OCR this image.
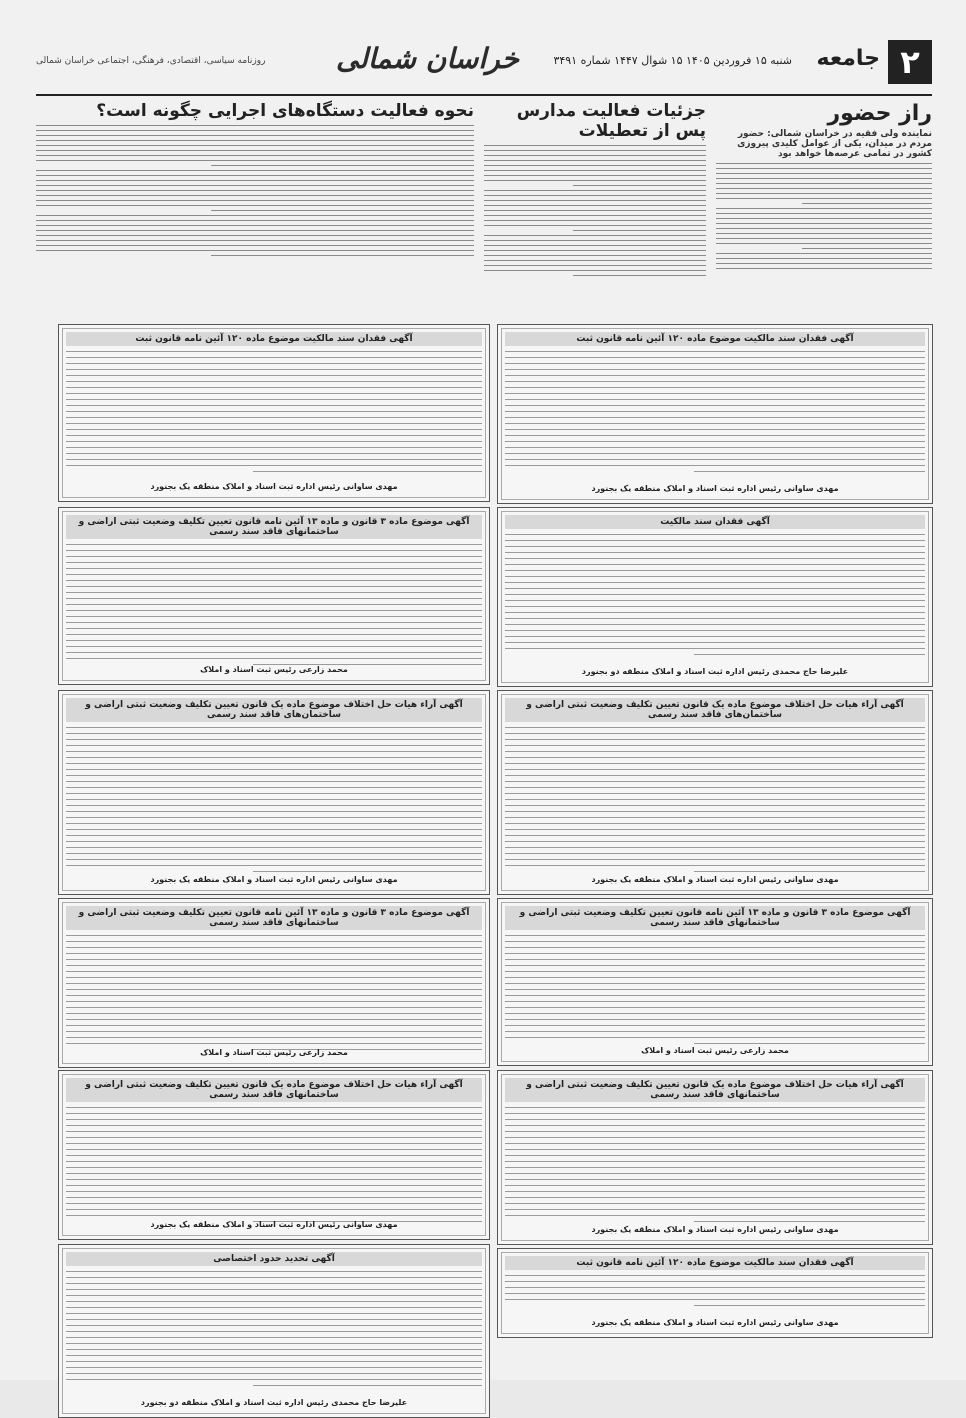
۲
جامعه
شنبه ۱۵ فروردین ۱۴۰۵ ۱۵ شوال ۱۴۴۷ شماره ۳۴۹۱
خراسان شمالی
روزنامه سیاسی، اقتصادی، فرهنگی، اجتماعی خراسان شمالی
راز حضور
نماینده ولی فقیه در خراسان شمالی: حضور مردم در میدان، یکی از عوامل کلیدی پیروزی کشور در تمامی عرصه‌ها خواهد بود
جزئیات فعالیت مدارس پس از تعطیلات
نحوه فعالیت دستگاه‌های اجرایی چگونه است؟
آگهی فقدان سند مالکیت موضوع ماده ۱۲۰ آئین نامه قانون ثبت
مهدی ساوانی رئیس اداره ثبت اسناد و املاک منطقه یک بجنورد
آگهی فقدان سند مالکیت موضوع ماده ۱۲۰ آئین نامه قانون ثبت
مهدی ساوانی رئیس اداره ثبت اسناد و املاک منطقه یک بجنورد
آگهی فقدان سند مالکیت
علیرضا حاج محمدی رئیس اداره ثبت اسناد و املاک منطقه دو بجنورد
آگهی موضوع ماده ۳ قانون و ماده ۱۳ آئین نامه قانون تعیین تکلیف وضعیت ثبتی اراضی و ساختمانهای فاقد سند رسمی
محمد زارعی رئیس ثبت اسناد و املاک
آگهی آراء هیات حل اختلاف موضوع ماده یک قانون تعیین تکلیف وضعیت ثبتی اراضی و ساختمان‌های فاقد سند رسمی
مهدی ساوانی رئیس اداره ثبت اسناد و املاک منطقه یک بجنورد
آگهی آراء هیات حل اختلاف موضوع ماده یک قانون تعیین تکلیف وضعیت ثبتی اراضی و ساختمان‌های فاقد سند رسمی
مهدی ساوانی رئیس اداره ثبت اسناد و املاک منطقه یک بجنورد
آگهی موضوع ماده ۳ قانون و ماده ۱۳ آئین نامه قانون تعیین تکلیف وضعیت ثبتی اراضی و ساختمانهای فاقد سند رسمی
محمد زارعی رئیس ثبت اسناد و املاک
آگهی موضوع ماده ۳ قانون و ماده ۱۳ آئین نامه قانون تعیین تکلیف وضعیت ثبتی اراضی و ساختمانهای فاقد سند رسمی
محمد زارعی رئیس ثبت اسناد و املاک
آگهی آراء هیات حل اختلاف موضوع ماده یک قانون تعیین تکلیف وضعیت ثبتی اراضی و ساختمانهای فاقد سند رسمی
مهدی ساوانی رئیس اداره ثبت اسناد و املاک منطقه یک بجنورد
آگهی آراء هیات حل اختلاف موضوع ماده یک قانون تعیین تکلیف وضعیت ثبتی اراضی و ساختمانهای فاقد سند رسمی
مهدی ساوانی رئیس اداره ثبت اسناد و املاک منطقه یک بجنورد
آگهی فقدان سند مالکیت موضوع ماده ۱۲۰ آئین نامه قانون ثبت
مهدی ساوانی رئیس اداره ثبت اسناد و املاک منطقه یک بجنورد
آگهی تحدید حدود اختصاصی
علیرضا حاج محمدی رئیس اداره ثبت اسناد و املاک منطقه دو بجنورد
